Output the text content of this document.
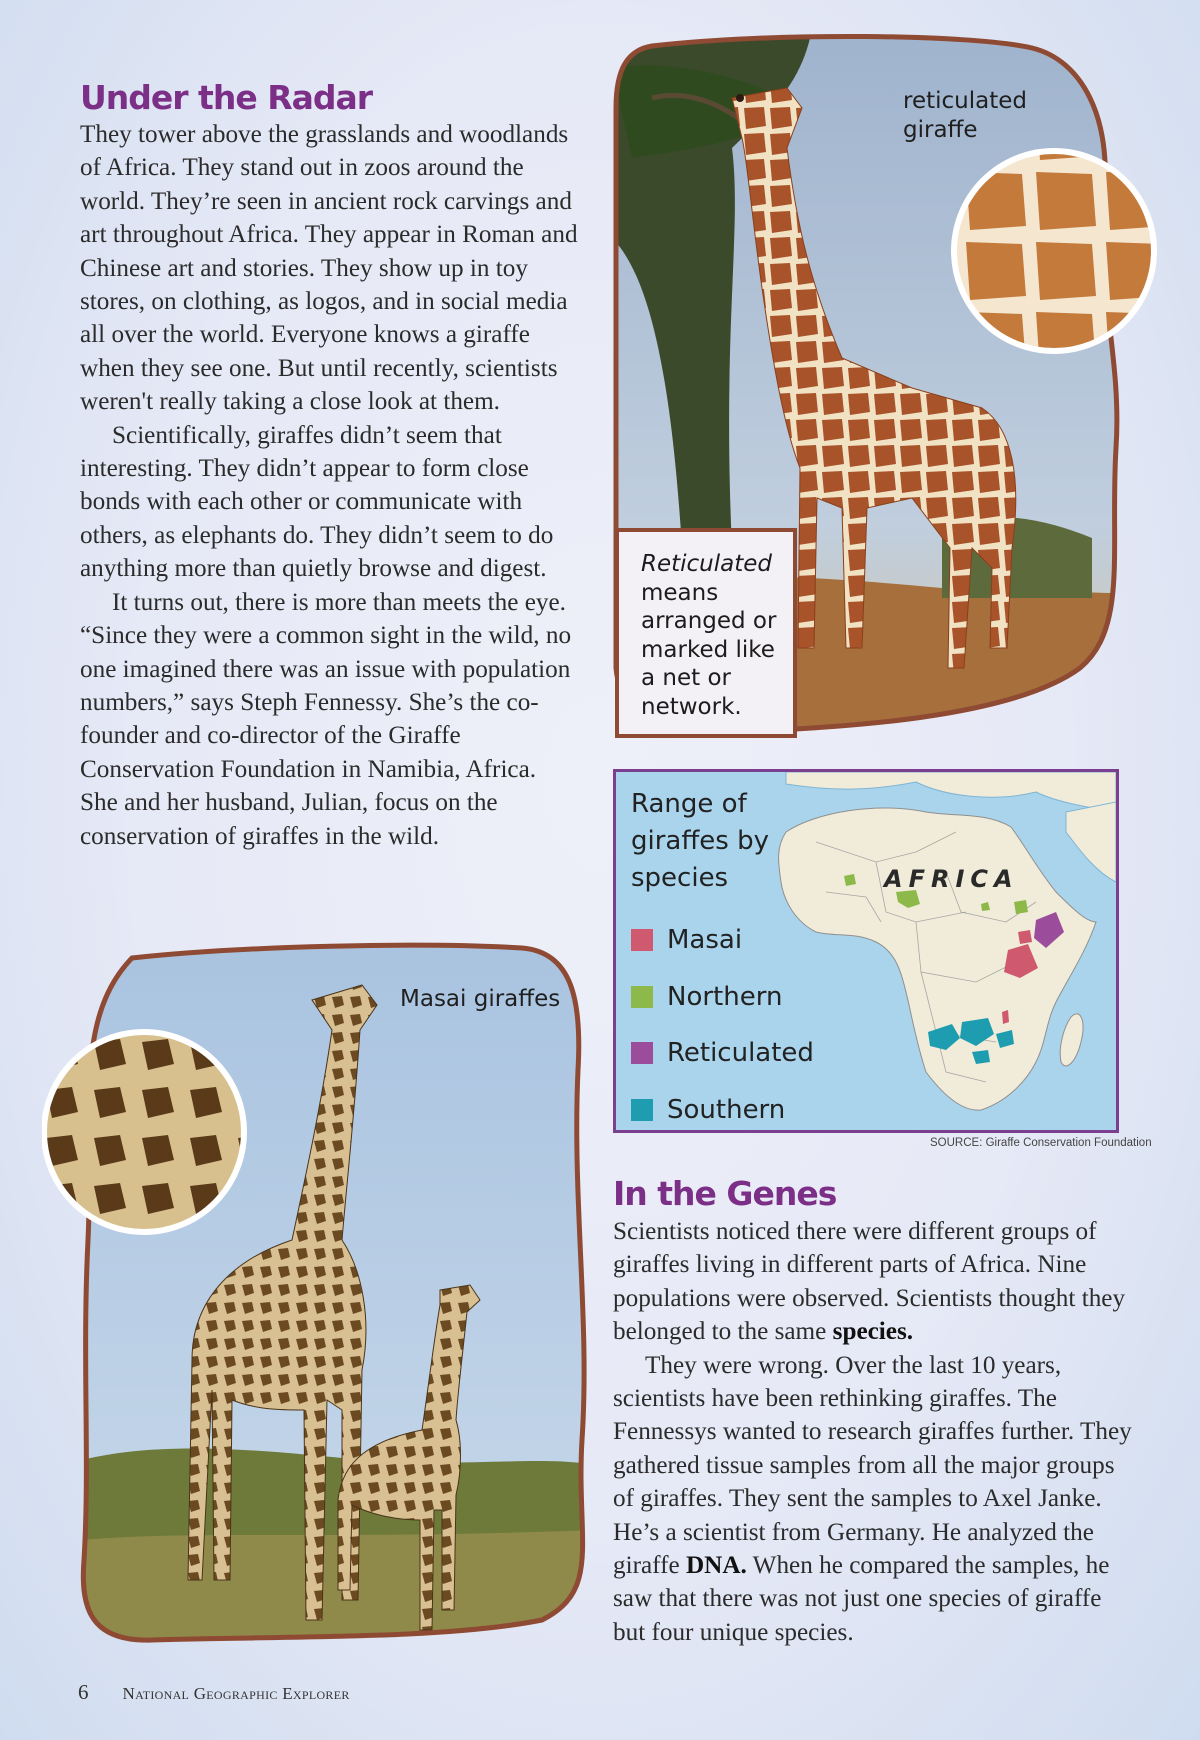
Under the Radar

They tower above the grasslands and woodlands of Africa. They stand out in zoos around the world. They’re seen in ancient rock carvings and art throughout Africa. They appear in Roman and Chinese art and stories. They show up in toy stores, on clothing, as logos, and in social media all over the world. Everyone knows a giraffe when they see one. But until recently, scientists weren't really taking a close look at them.

Scientifically, giraffes didn’t seem that interesting. They didn’t appear to form close bonds with each other or communicate with others, as elephants do. They didn’t seem to do anything more than quietly browse and digest.

It turns out, there is more than meets the eye. “Since they were a common sight in the wild, no one imagined there was an issue with population numbers,” says Steph Fennessy. She’s the co-founder and co-director of the Giraffe Conservation Foundation in Namibia, Africa. She and her husband, Julian, focus on the conservation of giraffes in the wild.

reticulated giraffe
Reticulated means arranged or marked like a net or network.
Range of giraffes by species	AFRICA
Masai
Northern
Reticulated
Southern
SOURCE: Giraffe Conservation Foundation
Masai giraffes
In the Genes

Scientists noticed there were different groups of giraffes living in different parts of Africa. Nine populations were observed. Scientists thought they belonged to the same species.

They were wrong. Over the last 10 years, scientists have been rethinking giraffes. The Fennessys wanted to research giraffes further. They gathered tissue samples from all the major groups of giraffes. They sent the samples to Axel Janke. He’s a scientist from Germany. He analyzed the giraffe DNA. When he compared the samples, he saw that there was not just one species of giraffe but four unique species.

6 National Geographic Explorer
